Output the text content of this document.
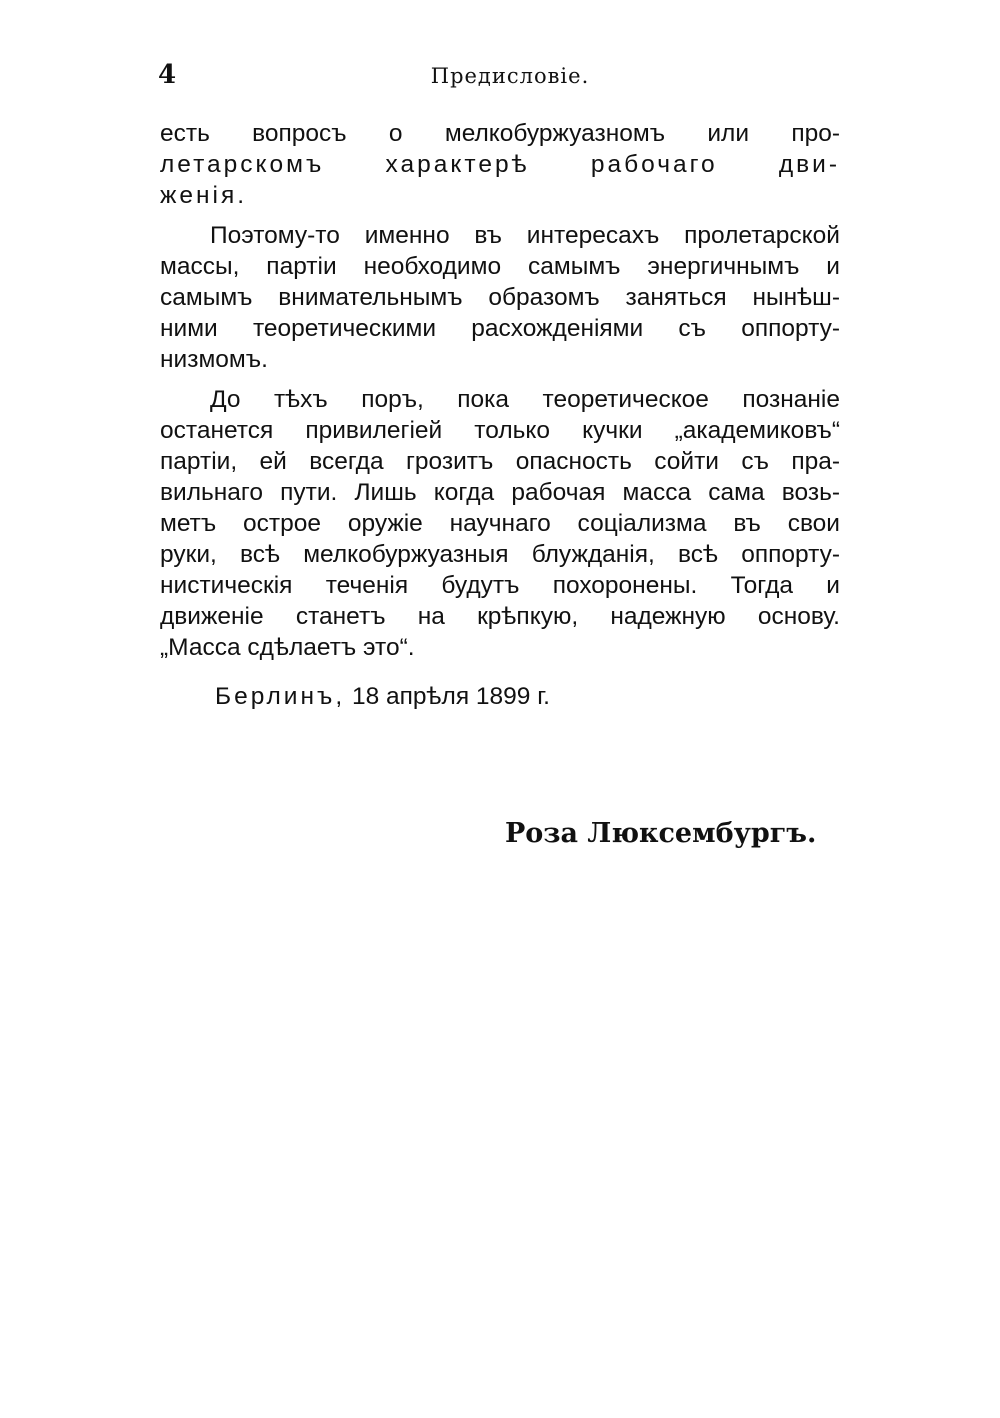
4	Предисловіе.
есть вопросъ о мелкобуржуазномъ или про-
летарскомъ характерѣ рабочаго дви-
женія.
Поэтому-то именно въ интересахъ пролетарской
массы, партіи необходимо самымъ энергичнымъ и
самымъ внимательнымъ образомъ заняться нынѣш-
ними теоретическими расхожденіями съ оппорту-
низмомъ.
До тѣхъ поръ, пока теоретическое познаніе
останется привилегіей только кучки „академиковъ“
партіи, ей всегда грозитъ опасность сойти съ пра-
вильнаго пути. Лишь когда рабочая масса сама возь-
метъ острое оружіе научнаго соціализма въ свои
руки, всѣ мелкобуржуазныя блужданія, всѣ оппорту-
нистическія теченія будутъ похоронены. Тогда и
движеніе станетъ на крѣпкую, надежную основу.
„Масса сдѣлаетъ это“.
Берлинъ, 18 апрѣля 1899 г.
Роза Люксембургъ.
